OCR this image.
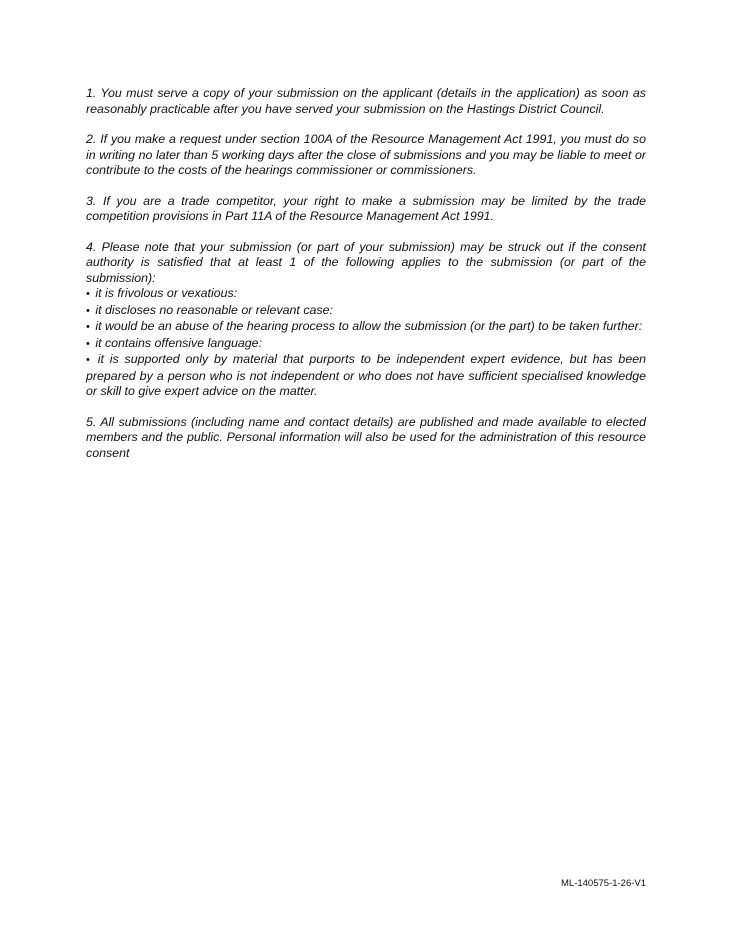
1. You must serve a copy of your submission on the applicant (details in the application) as soon as reasonably practicable after you have served your submission on the Hastings District Council.

2. If you make a request under section 100A of the Resource Management Act 1991, you must do so in writing no later than 5 working days after the close of submissions and you may be liable to meet or contribute to the costs of the hearings commissioner or commissioners.

3. If you are a trade competitor, your right to make a submission may be limited by the trade competition provisions in Part 11A of the Resource Management Act 1991.

4. Please note that your submission (or part of your submission) may be struck out if the consent authority is satisfied that at least 1 of the following applies to the submission (or part of the submission):

• it is frivolous or vexatious:

• it discloses no reasonable or relevant case:

• it would be an abuse of the hearing process to allow the submission (or the part) to be taken further:

• it contains offensive language:

• it is supported only by material that purports to be independent expert evidence, but has been prepared by a person who is not independent or who does not have sufficient specialised knowledge or skill to give expert advice on the matter.

5. All submissions (including name and contact details) are published and made available to elected members and the public. Personal information will also be used for the administration of this resource consent

ML-140575-1-26-V1
